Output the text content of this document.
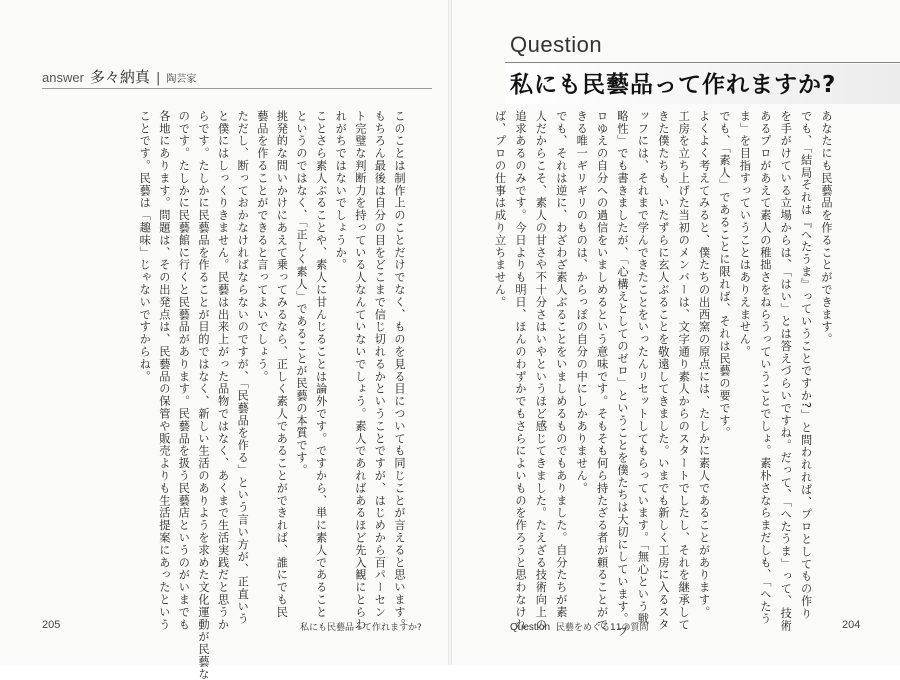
Question
私にも民藝品って作れますか?
answer 多々納真 | 陶芸家
あなたにも民藝品を作ることができます。
でも、「結局それは『へたうま』っていうことですか?」と問われれば、プロとしてもの作り
を手がけている立場からは、「はい」とは答えづらいですね。だって、「へたうま」って、技術
あるプロがあえて素人の稚拙さをねらうっていうことでしょ。素朴さならまだしも、「へたう
ま」を目指すっていうことはありえません。
でも、「素人」であることに限れば、それは民藝の要です。
よくよく考えてみると、僕たちの出西窯の原点には、たしかに素人であることがあります。
工房を立ち上げた当初のメンバーは、文字通り素人からのスタートでしたし、それを継承して
きた僕たちも、いたずらに玄人ぶることを敬遠してきました。いまでも新しく工房に入るスタ
ッフには、それまで学んできたことをいったんリセットしてもらっています。「無心という戦
略性」でも書きましたが、「心構えとしてのゼロ」ということを僕たちは大切にしています。プ
ロゆえの自分への過信をいましめるという意味です。そもそも何ら持たざる者が頼ることがで
きる唯一ギリギリのものは、からっぽの自分の中にしかありません。
でも、それは逆に、わざわざ素人ぶることをいましめるものでもありました。自分たちが素
人だからこそ、素人の甘さや不十分さはいやというほど感じてきました。たえざる技術向上の
追求あるのみです。今日よりも明日、ほんのわずかでもさらによいものを作ろうと思わなけれ
ば、プロの仕事は成り立ちません。
このことは制作上のことだけでなく、ものを見る目についても同じことが言えると思います。
もちろん最後は自分の目をどこまで信じ切れるかということですが、はじめから百パーセン
ト完璧な判断力を持っている人なんていないでしょう。素人であればあるほど先入観にとらわ
れがちではないでしょうか。
ことさら素人ぶることや、素人に甘んじることは論外です。ですから、単に素人であること
というのではなく、「正しく素人」であることが民藝の本質です。
挑発的な問いかけにあえて乗ってみるなら、正しく素人であることができれば、誰にでも民
藝品を作ることができると言ってよいでしょう。
ただし、断っておかなければならないのですが、「民藝品を作る」という言い方が、正直いう
と僕にはしっくりきません。民藝は出来上がった品物ではなく、あくまで生活実践だと思うか
らです。たしかに民藝品を作ることが目的ではなく、新しい生活のありようを求めた文化運動が民藝な
のです。たしかに民藝館に行くと民藝品があります。民藝品を扱う民藝店というのがいまでも
各地にあります。問題は、その出発点は、民藝品の保管や販売よりも生活提案にあったという
ことです。民藝は「趣味」じゃないですからね。
205	私にも民藝品って作れますか?	Question 民藝をめぐる11の質問	204
